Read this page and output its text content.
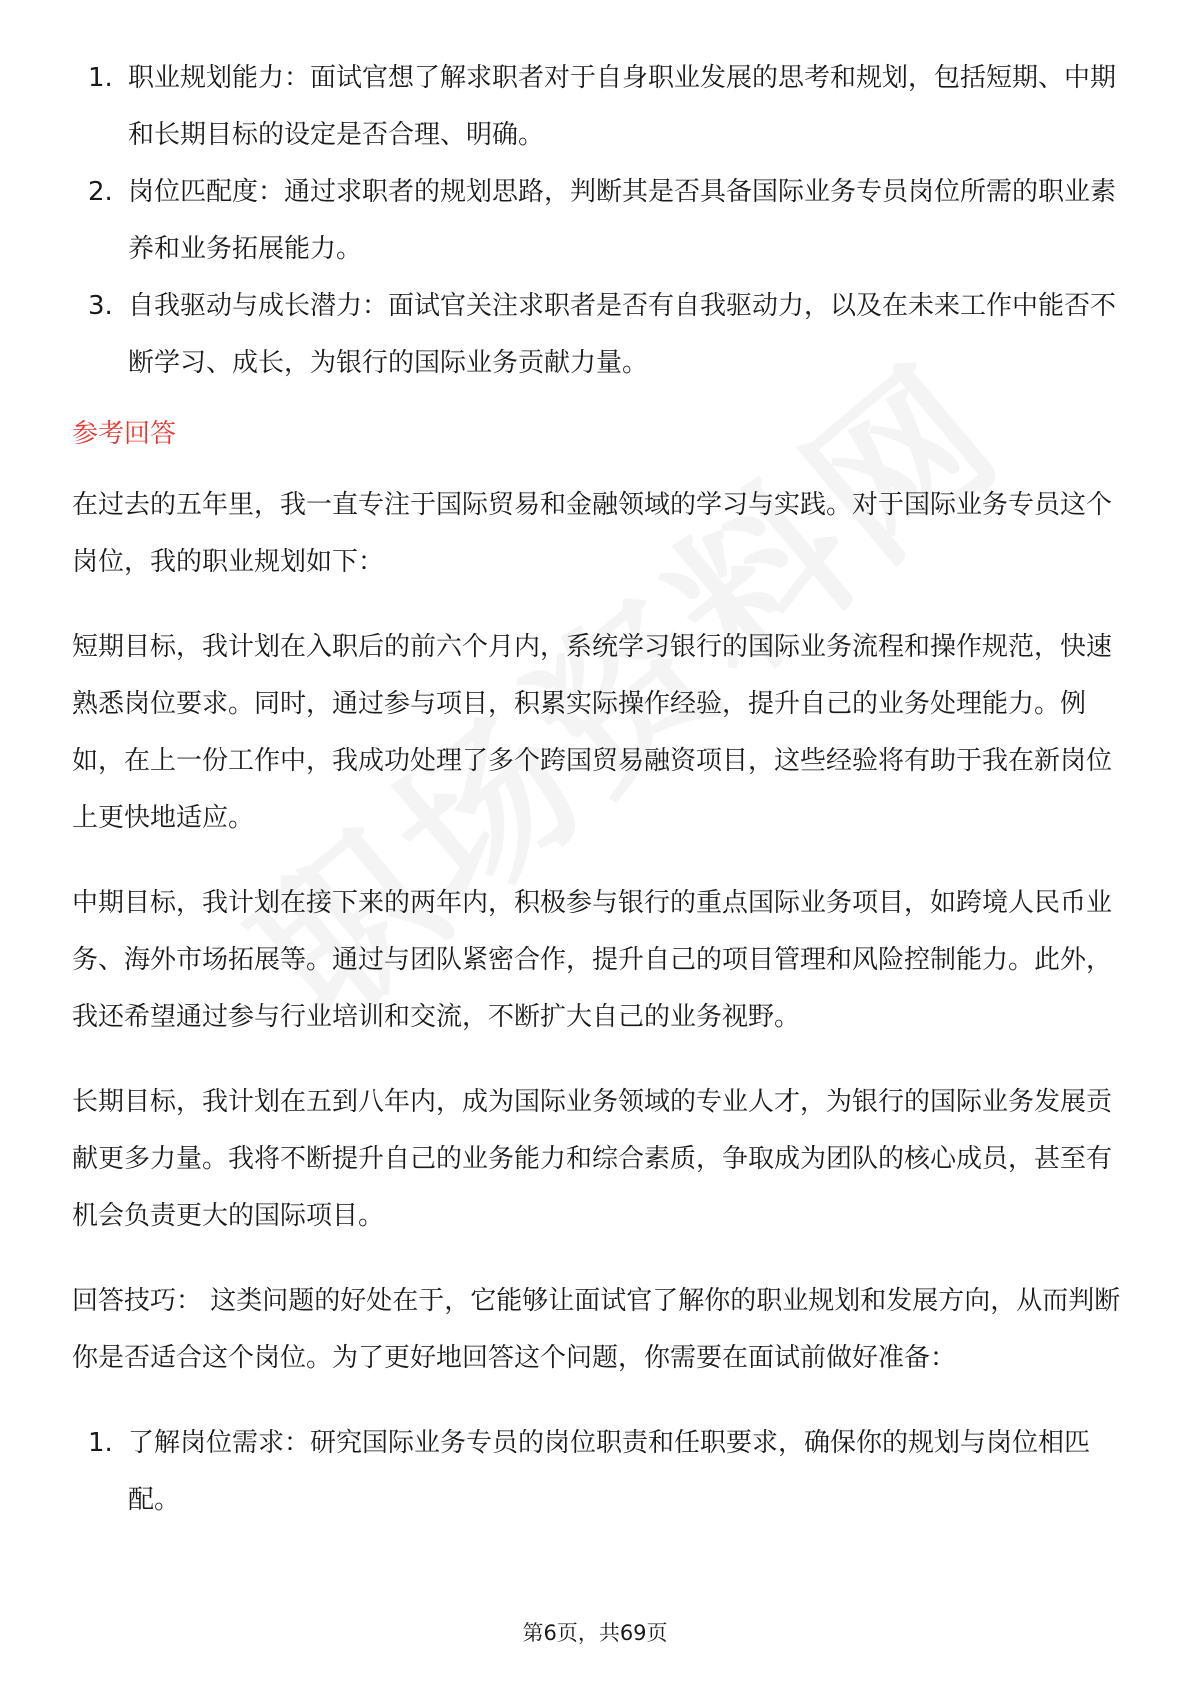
1. 职业规划能力：面试官想了解求职者对于自身职业发展的思考和规划，包括短期、中期和长期目标的设定是否合理、明确。
2. 岗位匹配度：通过求职者的规划思路，判断其是否具备国际业务专员岗位所需的职业素养和业务拓展能力。
3. 自我驱动与成长潜力：面试官关注求职者是否有自我驱动力，以及在未来工作中能否不断学习、成长，为银行的国际业务贡献力量。
参考回答

在过去的五年里，我一直专注于国际贸易和金融领域的学习与实践。对于国际业务专员这个岗位，我的职业规划如下：

短期目标，我计划在入职后的前六个月内，系统学习银行的国际业务流程和操作规范，快速熟悉岗位要求。同时，通过参与项目，积累实际操作经验，提升自己的业务处理能力。例如，在上一份工作中，我成功处理了多个跨国贸易融资项目，这些经验将有助于我在新岗位上更快地适应。

中期目标，我计划在接下来的两年内，积极参与银行的重点国际业务项目，如跨境人民币业务、海外市场拓展等。通过与团队紧密合作，提升自己的项目管理和风险控制能力。此外，我还希望通过参与行业培训和交流，不断扩大自己的业务视野。

长期目标，我计划在五到八年内，成为国际业务领域的专业人才，为银行的国际业务发展贡献更多力量。我将不断提升自己的业务能力和综合素质，争取成为团队的核心成员，甚至有机会负责更大的国际项目。

回答技巧： 这类问题的好处在于，它能够让面试官了解你的职业规划和发展方向，从而判断你是否适合这个岗位。为了更好地回答这个问题，你需要在面试前做好准备：

1. 了解岗位需求：研究国际业务专员的岗位职责和任职要求，确保你的规划与岗位相匹配。
第6页，共69页
